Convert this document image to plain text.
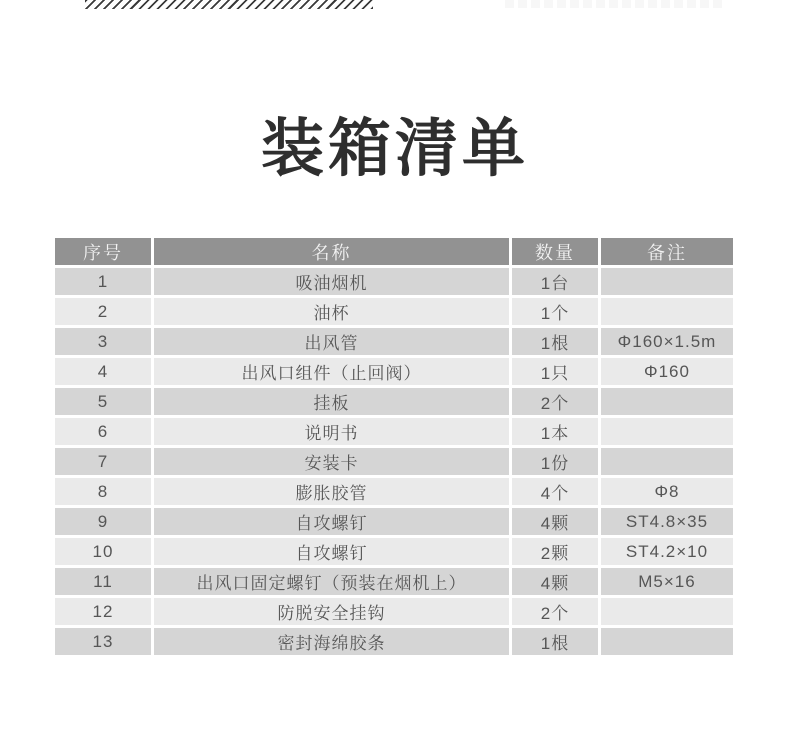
装箱清单
序号	名称	数量	备注
1	吸油烟机	1台	
2	油杯	1个	
3	出风管	1根	Φ160×1.5m
4	出风口组件（止回阀）	1只	Φ160
5	挂板	2个	
6	说明书	1本	
7	安装卡	1份	
8	膨胀胶管	4个	Φ8
9	自攻螺钉	4颗	ST4.8×35
10	自攻螺钉	2颗	ST4.2×10
11	出风口固定螺钉（预装在烟机上）	4颗	M5×16
12	防脱安全挂钩	2个	
13	密封海绵胶条	1根	
